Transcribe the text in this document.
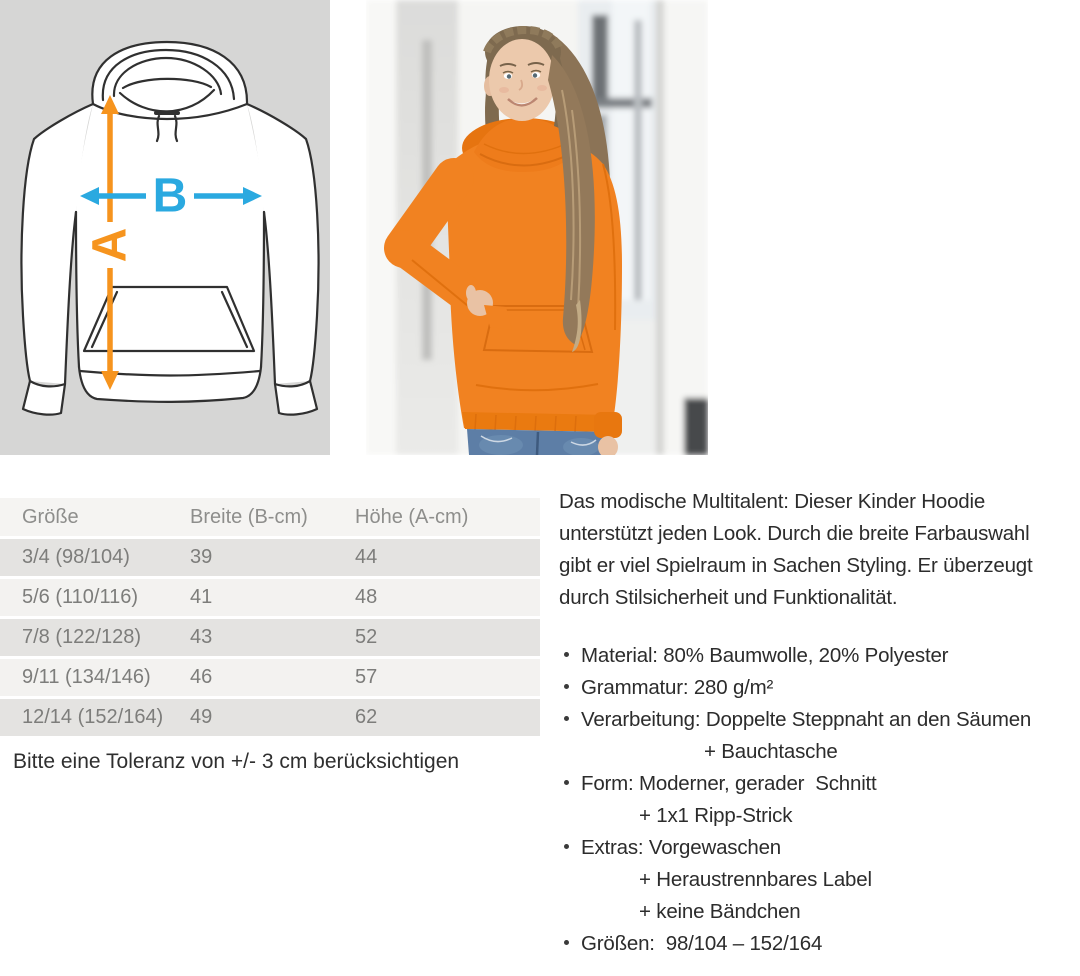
A
B
Größe	Breite (B-cm)	Höhe (A-cm)
3/4 (98/104)	39	44
5/6 (110/116)	41	48
7/8 (122/128)	43	52
9/11 (134/146)	46	57
12/14 (152/164)	49	62
Bitte eine Toleranz von +/- 3 cm berücksichtigen
Das modische Multitalent: Dieser Kinder Hoodie
unterstützt jeden Look. Durch die breite Farbauswahl
gibt er viel Spielraum in Sachen Styling. Er überzeugt
durch Stilsicherheit und Funktionalität.
Material: 80% Baumwolle, 20% Polyester
Grammatur: 280 g/m²
Verarbeitung: Doppelte Steppnaht an den Säumen
+ Bauchtasche
Form: Moderner, gerader  Schnitt
+ 1x1 Ripp-Strick
Extras: Vorgewaschen
+ Heraustrennbares Label
+ keine Bändchen
Größen:  98/104 – 152/164
